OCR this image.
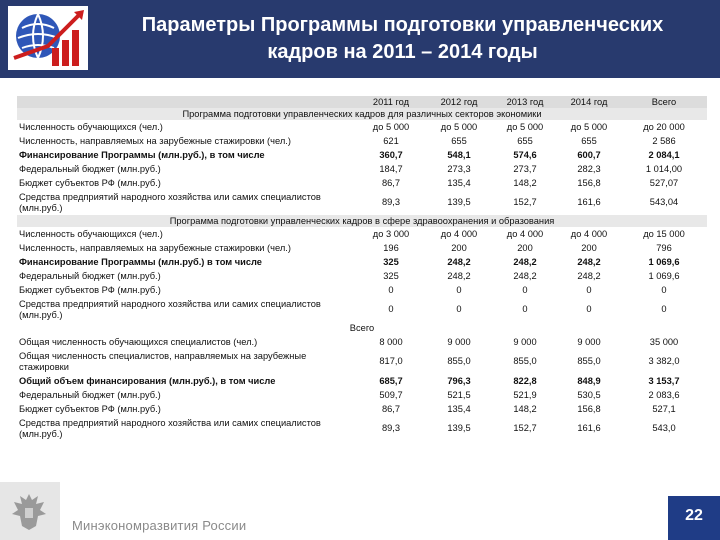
Параметры Программы подготовки управленческих
кадров на 2011 – 2014 годы
	2011 год	2012 год	2013 год	2014 год	Всего
Программа подготовки управленческих кадров для различных секторов экономики					
Численность обучающихся (чел.)	до 5 000	до 5 000	до 5 000	до 5 000	до 20 000
Численность, направляемых на зарубежные стажировки (чел.)	621	655	655	655	2 586
Финансирование Программы (млн.руб.), в том числе	360,7	548,1	574,6	600,7	2 084,1
Федеральный бюджет (млн.руб.)	184,7	273,3	273,7	282,3	1 014,00
Бюджет субъектов РФ (млн.руб.)	86,7	135,4	148,2	156,8	527,07
Средства предприятий народного хозяйства или самих специалистов (млн.руб.)	89,3	139,5	152,7	161,6	543,04
Программа подготовки управленческих кадров в сфере здравоохранения и образования					
Численность обучающихся (чел.)	до 3 000	до 4 000	до 4 000	до 4 000	до 15 000
Численность, направляемых на зарубежные стажировки (чел.)	196	200	200	200	796
Финансирование Программы (млн.руб.) в том числе	325	248,2	248,2	248,2	1 069,6
Федеральный бюджет (млн.руб.)	325	248,2	248,2	248,2	1 069,6
Бюджет субъектов РФ (млн.руб.)	0	0	0	0	0
Средства предприятий народного хозяйства или самих специалистов (млн.руб.)	0	0	0	0	0
Всего					
Общая численность обучающихся специалистов (чел.)	8 000	9 000	9 000	9 000	35 000
Общая численность специалистов, направляемых на зарубежные стажировки	817,0	855,0	855,0	855,0	3 382,0
Общий объем финансирования (млн.руб.), в том числе	685,7	796,3	822,8	848,9	3 153,7
Федеральный бюджет (млн.руб.)	509,7	521,5	521,9	530,5	2 083,6
Бюджет субъектов РФ (млн.руб.)	86,7	135,4	148,2	156,8	527,1
Средства предприятий народного хозяйства или самих специалистов (млн.руб.)	89,3	139,5	152,7	161,6	543,0
Минэкономразвития России
22
